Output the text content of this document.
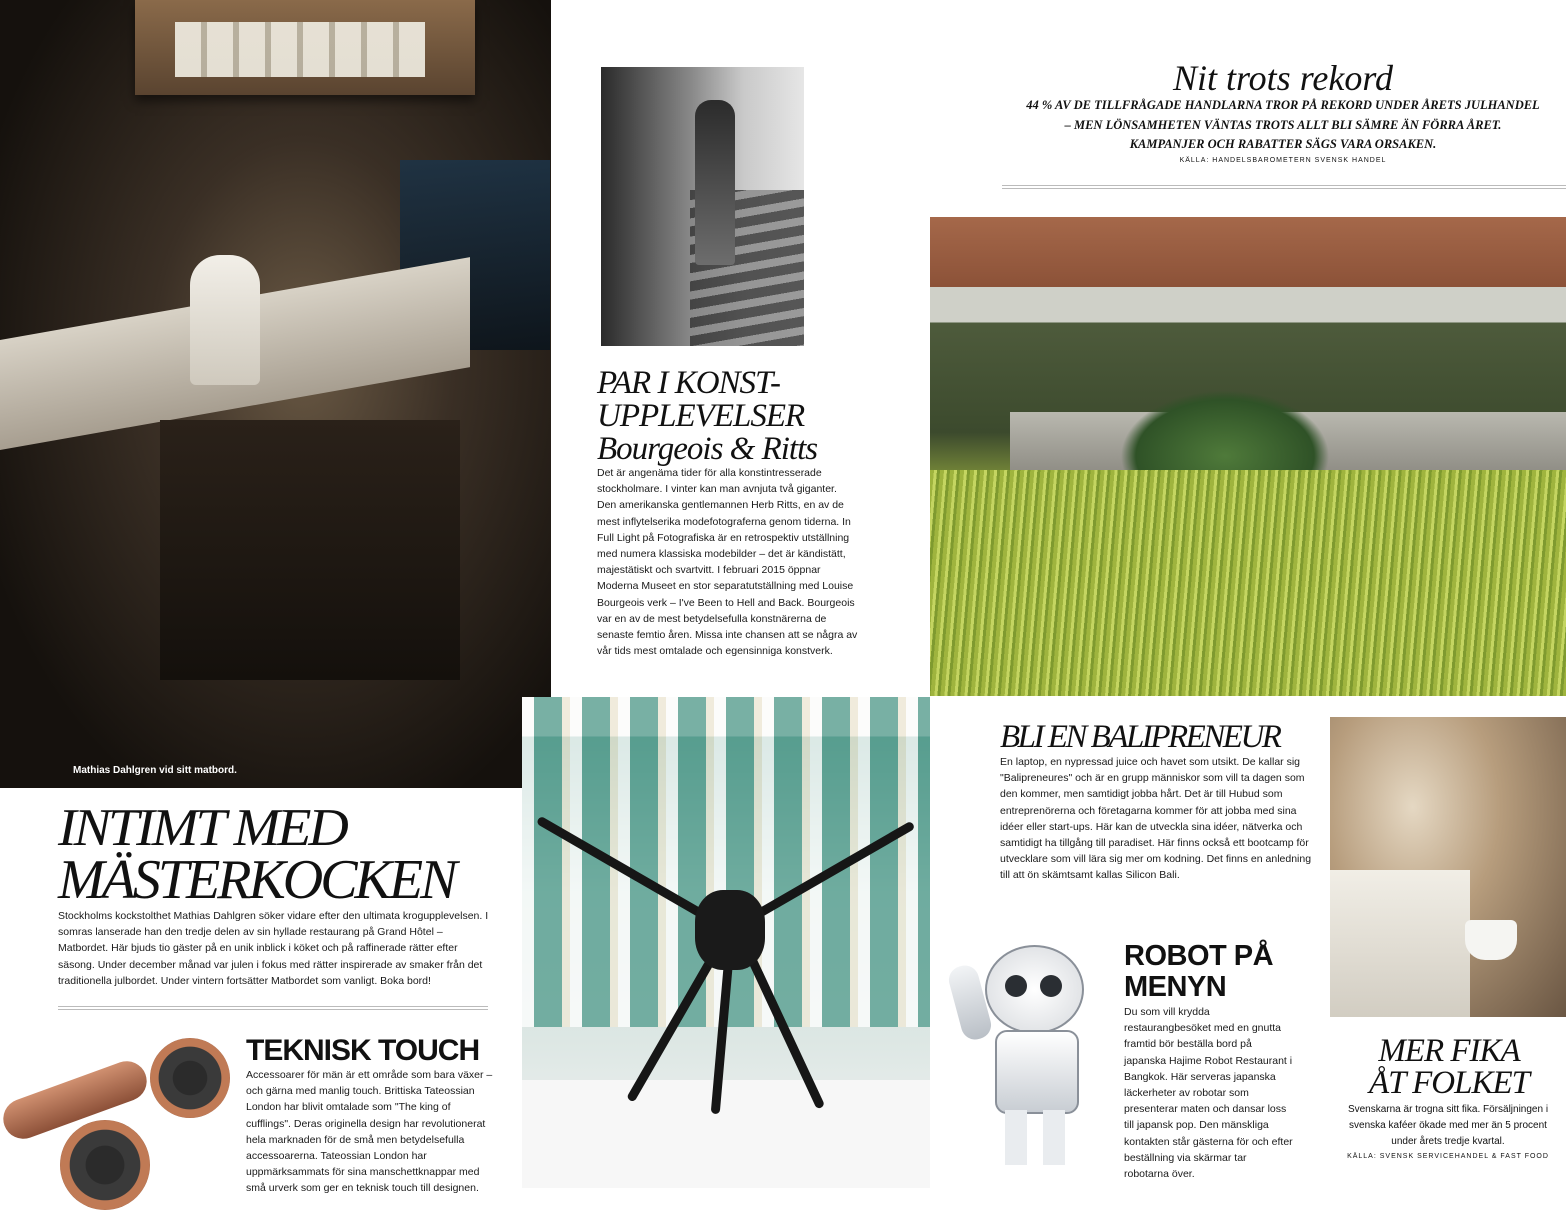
Mathias Dahlgren vid sitt matbord.
INTIMT MED
MÄSTERKOCKEN

Stockholms kockstolthet Mathias Dahlgren söker vidare efter den ultimata krogupplevelsen. I somras lanserade han den tredje delen av sin hyllade restaurang på Grand Hôtel – Matbordet. Här bjuds tio gäster på en unik inblick i köket och på raffinerade rätter efter säsong. Under december månad var julen i fokus med rätter inspirerade av smaker från det traditionella julbordet. Under vintern fortsätter Matbordet som vanligt. Boka bord!

TEKNISK TOUCH

Accessoarer för män är ett område som bara växer – och gärna med manlig touch. Brittiska Tateossian London har blivit omtalade som "The king of cufflings". Deras originella design har revolutionerat hela marknaden för de små men betydelsefulla accessoarerna. Tateossian London har uppmärksammats för sina manschettknappar med små urverk som ger en teknisk touch till designen.

PAR I KONST-
UPPLEVELSER
Bourgeois & Ritts

Det är angenäma tider för alla konstintresserade stockholmare. I vinter kan man avnjuta två giganter. Den amerikanska gentlemannen Herb Ritts, en av de mest inflytelserika modefotograferna genom tiderna. In Full Light på Fotografiska är en retrospektiv utställning med numera klassiska modebilder – det är kändistätt, majestätiskt och svartvitt. I februari 2015 öppnar Moderna Museet en stor separatutställning med Louise Bourgeois verk – I've Been to Hell and Back. Bourgeois var en av de mest betydelsefulla konstnärerna de senaste femtio åren. Missa inte chansen att se några av vår tids mest omtalade och egensinniga konstverk.

Nit trots rekord
44 % AV DE TILLFRÅGADE HANDLARNA TROR PÅ REKORD UNDER ÅRETS JULHANDEL
– MEN LÖNSAMHETEN VÄNTAS TROTS ALLT BLI SÄMRE ÄN FÖRRA ÅRET.
KAMPANJER OCH RABATTER SÄGS VARA ORSAKEN.
KÄLLA: HANDELSBAROMETERN SVENSK HANDEL
BLI EN BALIPRENEUR

En laptop, en nypressad juice och havet som utsikt. De kallar sig "Balipreneures" och är en grupp människor som vill ta dagen som den kommer, men samtidigt jobba hårt. Det är till Hubud som entreprenörerna och företagarna kommer för att jobba med sina idéer eller start-ups. Här kan de utveckla sina idéer, nätverka och samtidigt ha tillgång till paradiset. Här finns också ett bootcamp för utvecklare som vill lära sig mer om kodning. Det finns en anledning till att ön skämtsamt kallas Silicon Bali.

ROBOT PÅ
MENYN

Du som vill krydda restaurangbesöket med en gnutta framtid bör beställa bord på japanska Hajime Robot Restaurant i Bangkok. Här serveras japanska läckerheter av robotar som presenterar maten och dansar loss till japansk pop. Den mänskliga kontakten står gästerna för och efter beställning via skärmar tar robotarna över.

MER FIKA
ÅT FOLKET
Svenskarna är trogna sitt fika. Försäljningen i
svenska kaféer ökade med mer än 5 procent
under årets tredje kvartal.
KÄLLA: SVENSK SERVICEHANDEL & FAST FOOD
